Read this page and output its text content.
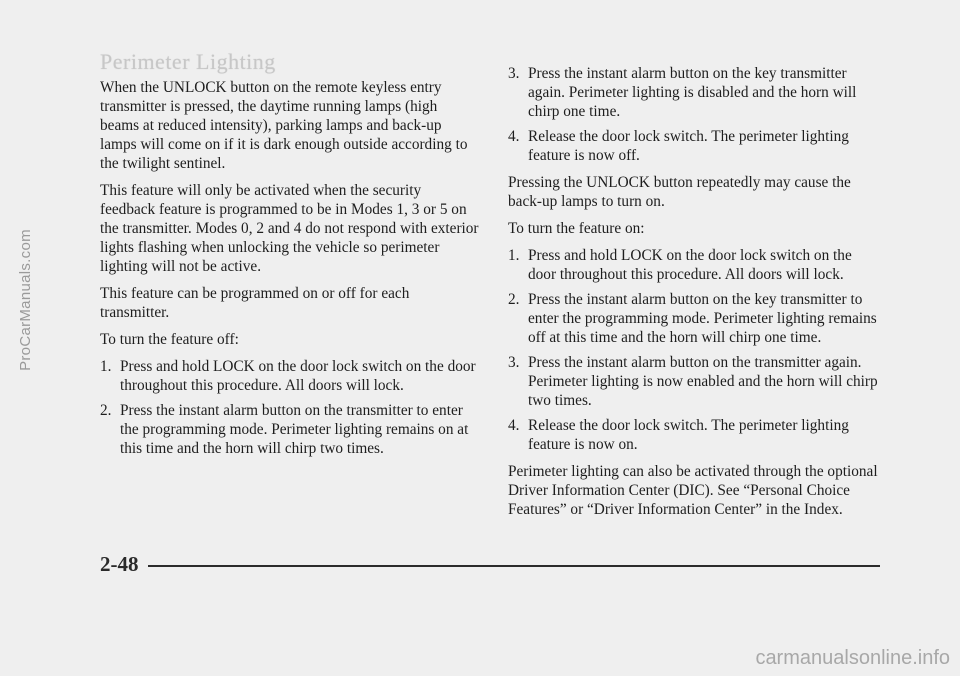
ProCarManuals.com
Perimeter Lighting

When the UNLOCK button on the remote keyless entry transmitter is pressed, the daytime running lamps (high beams at reduced intensity), parking lamps and back-up lamps will come on if it is dark enough outside according to the twilight sentinel.

This feature will only be activated when the security feedback feature is programmed to be in Modes 1, 3 or 5 on the transmitter. Modes 0, 2 and 4 do not respond with exterior lights flashing when unlocking the vehicle so perimeter lighting will not be active.

This feature can be programmed on or off for each transmitter.

To turn the feature off:

1. Press and hold LOCK on the door lock switch on the door throughout this procedure. All doors will lock.
2. Press the instant alarm button on the transmitter to enter the programming mode. Perimeter lighting remains on at this time and the horn will chirp two times.
3. Press the instant alarm button on the key transmitter again. Perimeter lighting is disabled and the horn will chirp one time.
4. Release the door lock switch. The perimeter lighting feature is now off.

Pressing the UNLOCK button repeatedly may cause the back-up lamps to turn on.

To turn the feature on:

1. Press and hold LOCK on the door lock switch on the door throughout this procedure. All doors will lock.
2. Press the instant alarm button on the key transmitter to enter the programming mode. Perimeter lighting remains off at this time and the horn will chirp one time.
3. Press the instant alarm button on the transmitter again. Perimeter lighting is now enabled and the horn will chirp two times.
4. Release the door lock switch. The perimeter lighting feature is now on.

Perimeter lighting can also be activated through the optional Driver Information Center (DIC). See “Personal Choice Features” or “Driver Information Center” in the Index.

2-48
carmanualsonline.info
